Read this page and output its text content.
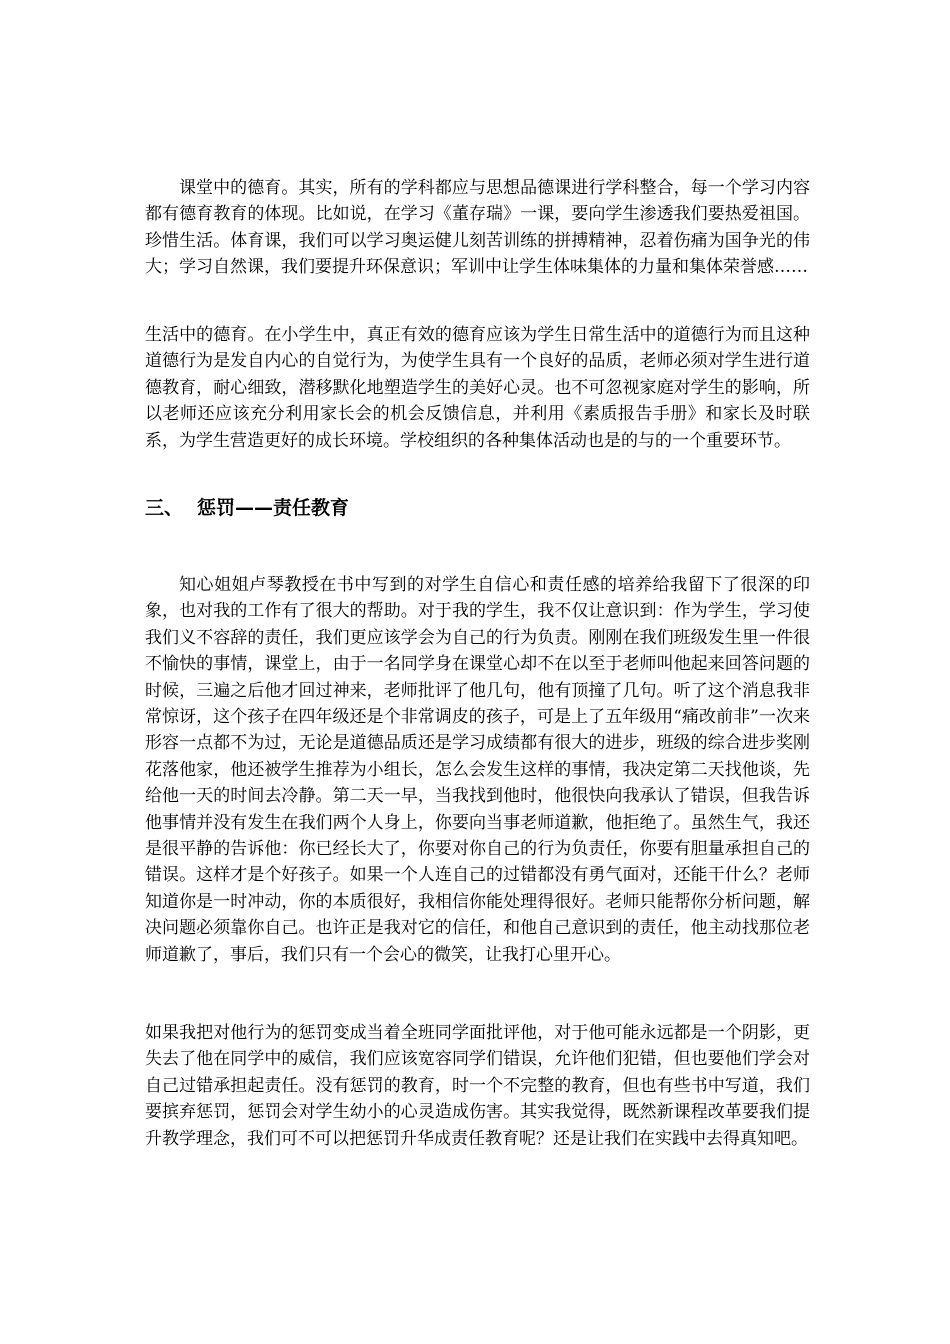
课堂中的德育。其实，所有的学科都应与思想品德课进行学科整合，每一个学习内容都有德育教育的体现。比如说，在学习《董存瑞》一课，要向学生渗透我们要热爱祖国。珍惜生活。体育课，我们可以学习奥运健儿刻苦训练的拼搏精神，忍着伤痛为国争光的伟大；学习自然课，我们要提升环保意识；军训中让学生体味集体的力量和集体荣誉感……

生活中的德育。在小学生中，真正有效的德育应该为学生日常生活中的道德行为而且这种道德行为是发自内心的自觉行为，为使学生具有一个良好的品质，老师必须对学生进行道德教育，耐心细致，潜移默化地塑造学生的美好心灵。也不可忽视家庭对学生的影响，所以老师还应该充分利用家长会的机会反馈信息，并利用《素质报告手册》和家长及时联系，为学生营造更好的成长环境。学校组织的各种集体活动也是的与的一个重要环节。

三、 惩罚——责任教育

知心姐姐卢琴教授在书中写到的对学生自信心和责任感的培养给我留下了很深的印象，也对我的工作有了很大的帮助。对于我的学生，我不仅让意识到：作为学生，学习使我们义不容辞的责任，我们更应该学会为自己的行为负责。刚刚在我们班级发生里一件很不愉快的事情，课堂上，由于一名同学身在课堂心却不在以至于老师叫他起来回答问题的时候，三遍之后他才回过神来，老师批评了他几句，他有顶撞了几句。听了这个消息我非常惊讶，这个孩子在四年级还是个非常调皮的孩子，可是上了五年级用“痛改前非”一次来形容一点都不为过，无论是道德品质还是学习成绩都有很大的进步，班级的综合进步奖刚花落他家，他还被学生推荐为小组长，怎么会发生这样的事情，我决定第二天找他谈，先给他一天的时间去冷静。第二天一早，当我找到他时，他很快向我承认了错误，但我告诉他事情并没有发生在我们两个人身上，你要向当事老师道歉，他拒绝了。虽然生气，我还是很平静的告诉他：你已经长大了，你要对你自己的行为负责任，你要有胆量承担自己的错误。这样才是个好孩子。如果一个人连自己的过错都没有勇气面对，还能干什么？老师知道你是一时冲动，你的本质很好，我相信你能处理得很好。老师只能帮你分析问题，解决问题必须靠你自己。也许正是我对它的信任，和他自己意识到的责任，他主动找那位老师道歉了，事后，我们只有一个会心的微笑，让我打心里开心。

如果我把对他行为的惩罚变成当着全班同学面批评他，对于他可能永远都是一个阴影，更失去了他在同学中的威信，我们应该宽容同学们错误，允许他们犯错，但也要他们学会对自己过错承担起责任。没有惩罚的教育，时一个不完整的教育，但也有些书中写道，我们要摈弃惩罚，惩罚会对学生幼小的心灵造成伤害。其实我觉得，既然新课程改革要我们提升教学理念，我们可不可以把惩罚升华成责任教育呢？还是让我们在实践中去得真知吧。
